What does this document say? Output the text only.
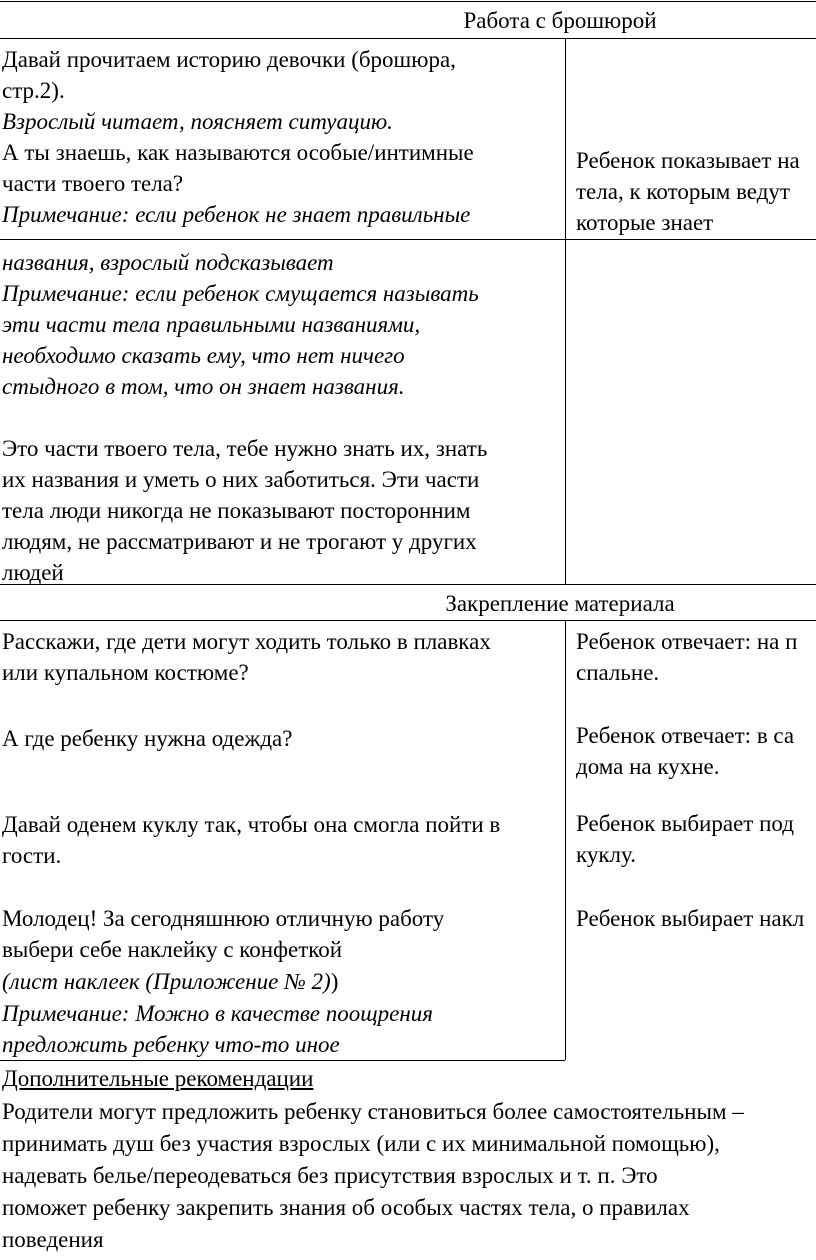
Работа с брошюрой
Давай прочитаем историю девочки (брошюра,
стр.2).
Взрослый читает, поясняет ситуацию.
А ты знаешь, как называются особые/интимные
части твоего тела?
Примечание: если ребенок не знает правильные
Ребенок показывает на
тела, к которым ведут
которые знает
названия, взрослый подсказывает
Примечание: если ребенок смущается называть
эти части тела правильными названиями,
необходимо сказать ему, что нет ничего
стыдного в том, что он знает названия.
Это части твоего тела, тебе нужно знать их, знать
их названия и уметь о них заботиться. Эти части
тела люди никогда не показывают посторонним
людям, не рассматривают и не трогают у других
людей
Закрепление материала
Расскажи, где дети могут ходить только в плавках
или купальном костюме?
А где ребенку нужна одежда?
Давай оденем куклу так, чтобы она смогла пойти в
гости.
Молодец! За сегодняшнюю отличную работу
выбери себе наклейку с конфеткой
(лист наклеек (Приложение № 2))
Примечание: Можно в качестве поощрения
предложить ребенку что-то иное
Ребенок отвечает: на п
спальне.
Ребенок отвечает: в са
дома на кухне.
Ребенок выбирает под
куклу.
Ребенок выбирает накл
Дополнительные рекомендации
Родители могут предложить ребенку становиться более самостоятельным –
принимать душ без участия взрослых (или с их минимальной помощью),
надевать белье/переодеваться без присутствия взрослых и т. п. Это
поможет ребенку закрепить знания об особых частях тела, о правилах
поведения
